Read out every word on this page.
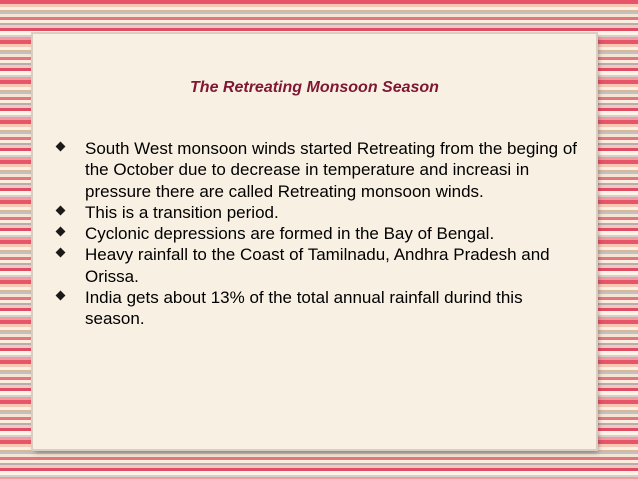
The Retreating Monsoon Season
South West monsoon winds started Retreating from the beging of the October due to decrease in temperature and increasi in pressure there are called Retreating monsoon winds.
This is a transition period.
Cyclonic depressions are formed in the Bay of Bengal.
Heavy rainfall to the Coast of Tamilnadu, Andhra Pradesh and Orissa.
India gets about 13% of the total annual rainfall durind this season.
